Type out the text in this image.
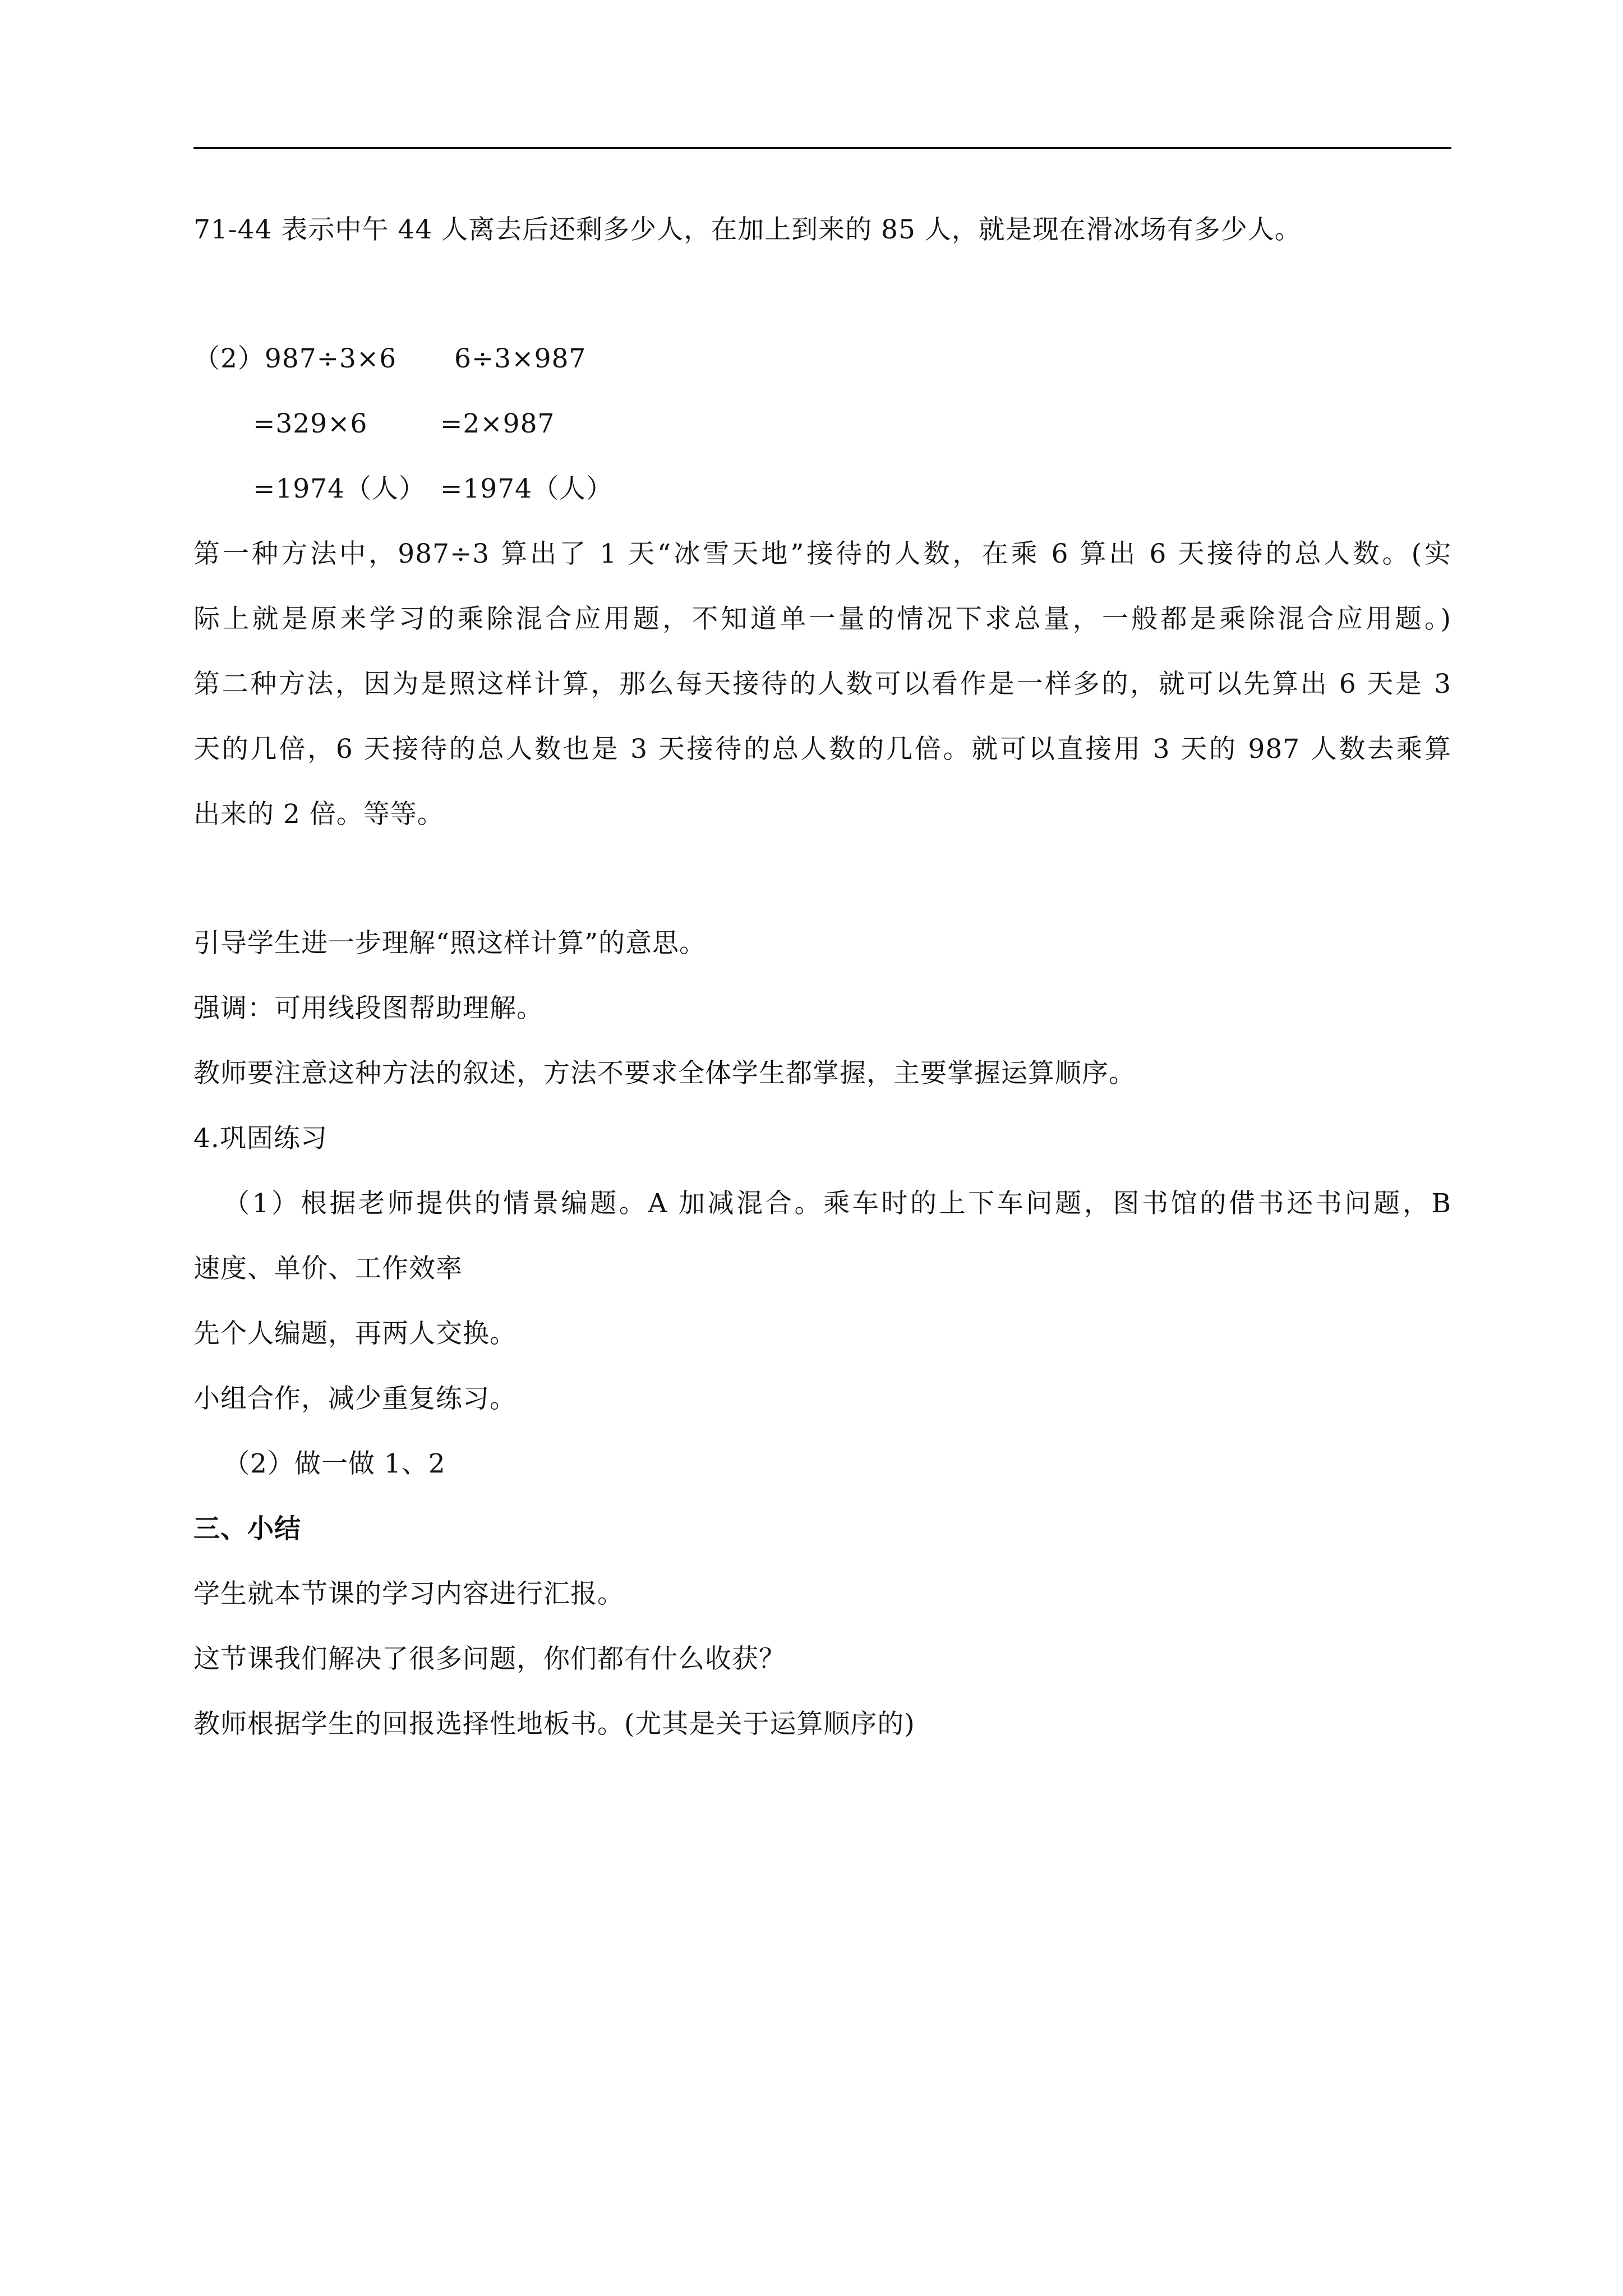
71-44 表示中午 44 人离去后还剩多少人，在加上到来的 85 人，就是现在滑冰场有多少人。
（2）987÷3×6 6÷3×987
=329×6	=2×987
=1974（人） =1974（人）
第一种方法中，987÷3 算出了 1 天“冰雪天地”接待的人数，在乘 6 算出 6 天接待的总人数。(实
际上就是原来学习的乘除混合应用题，不知道单一量的情况下求总量，一般都是乘除混合应用题。)
第二种方法，因为是照这样计算，那么每天接待的人数可以看作是一样多的，就可以先算出 6 天是 3
天的几倍，6 天接待的总人数也是 3 天接待的总人数的几倍。就可以直接用 3 天的 987 人数去乘算
出来的 2 倍。等等。
引导学生进一步理解“照这样计算”的意思。
强调：可用线段图帮助理解。
教师要注意这种方法的叙述，方法不要求全体学生都掌握，主要掌握运算顺序。
4.巩固练习
（1）根据老师提供的情景编题。A 加减混合。乘车时的上下车问题，图书馆的借书还书问题，B
速度、单价、工作效率
先个人编题，再两人交换。
小组合作，减少重复练习。
（2）做一做 1、2
三、小结
学生就本节课的学习内容进行汇报。
这节课我们解决了很多问题，你们都有什么收获？
教师根据学生的回报选择性地板书。(尤其是关于运算顺序的)
